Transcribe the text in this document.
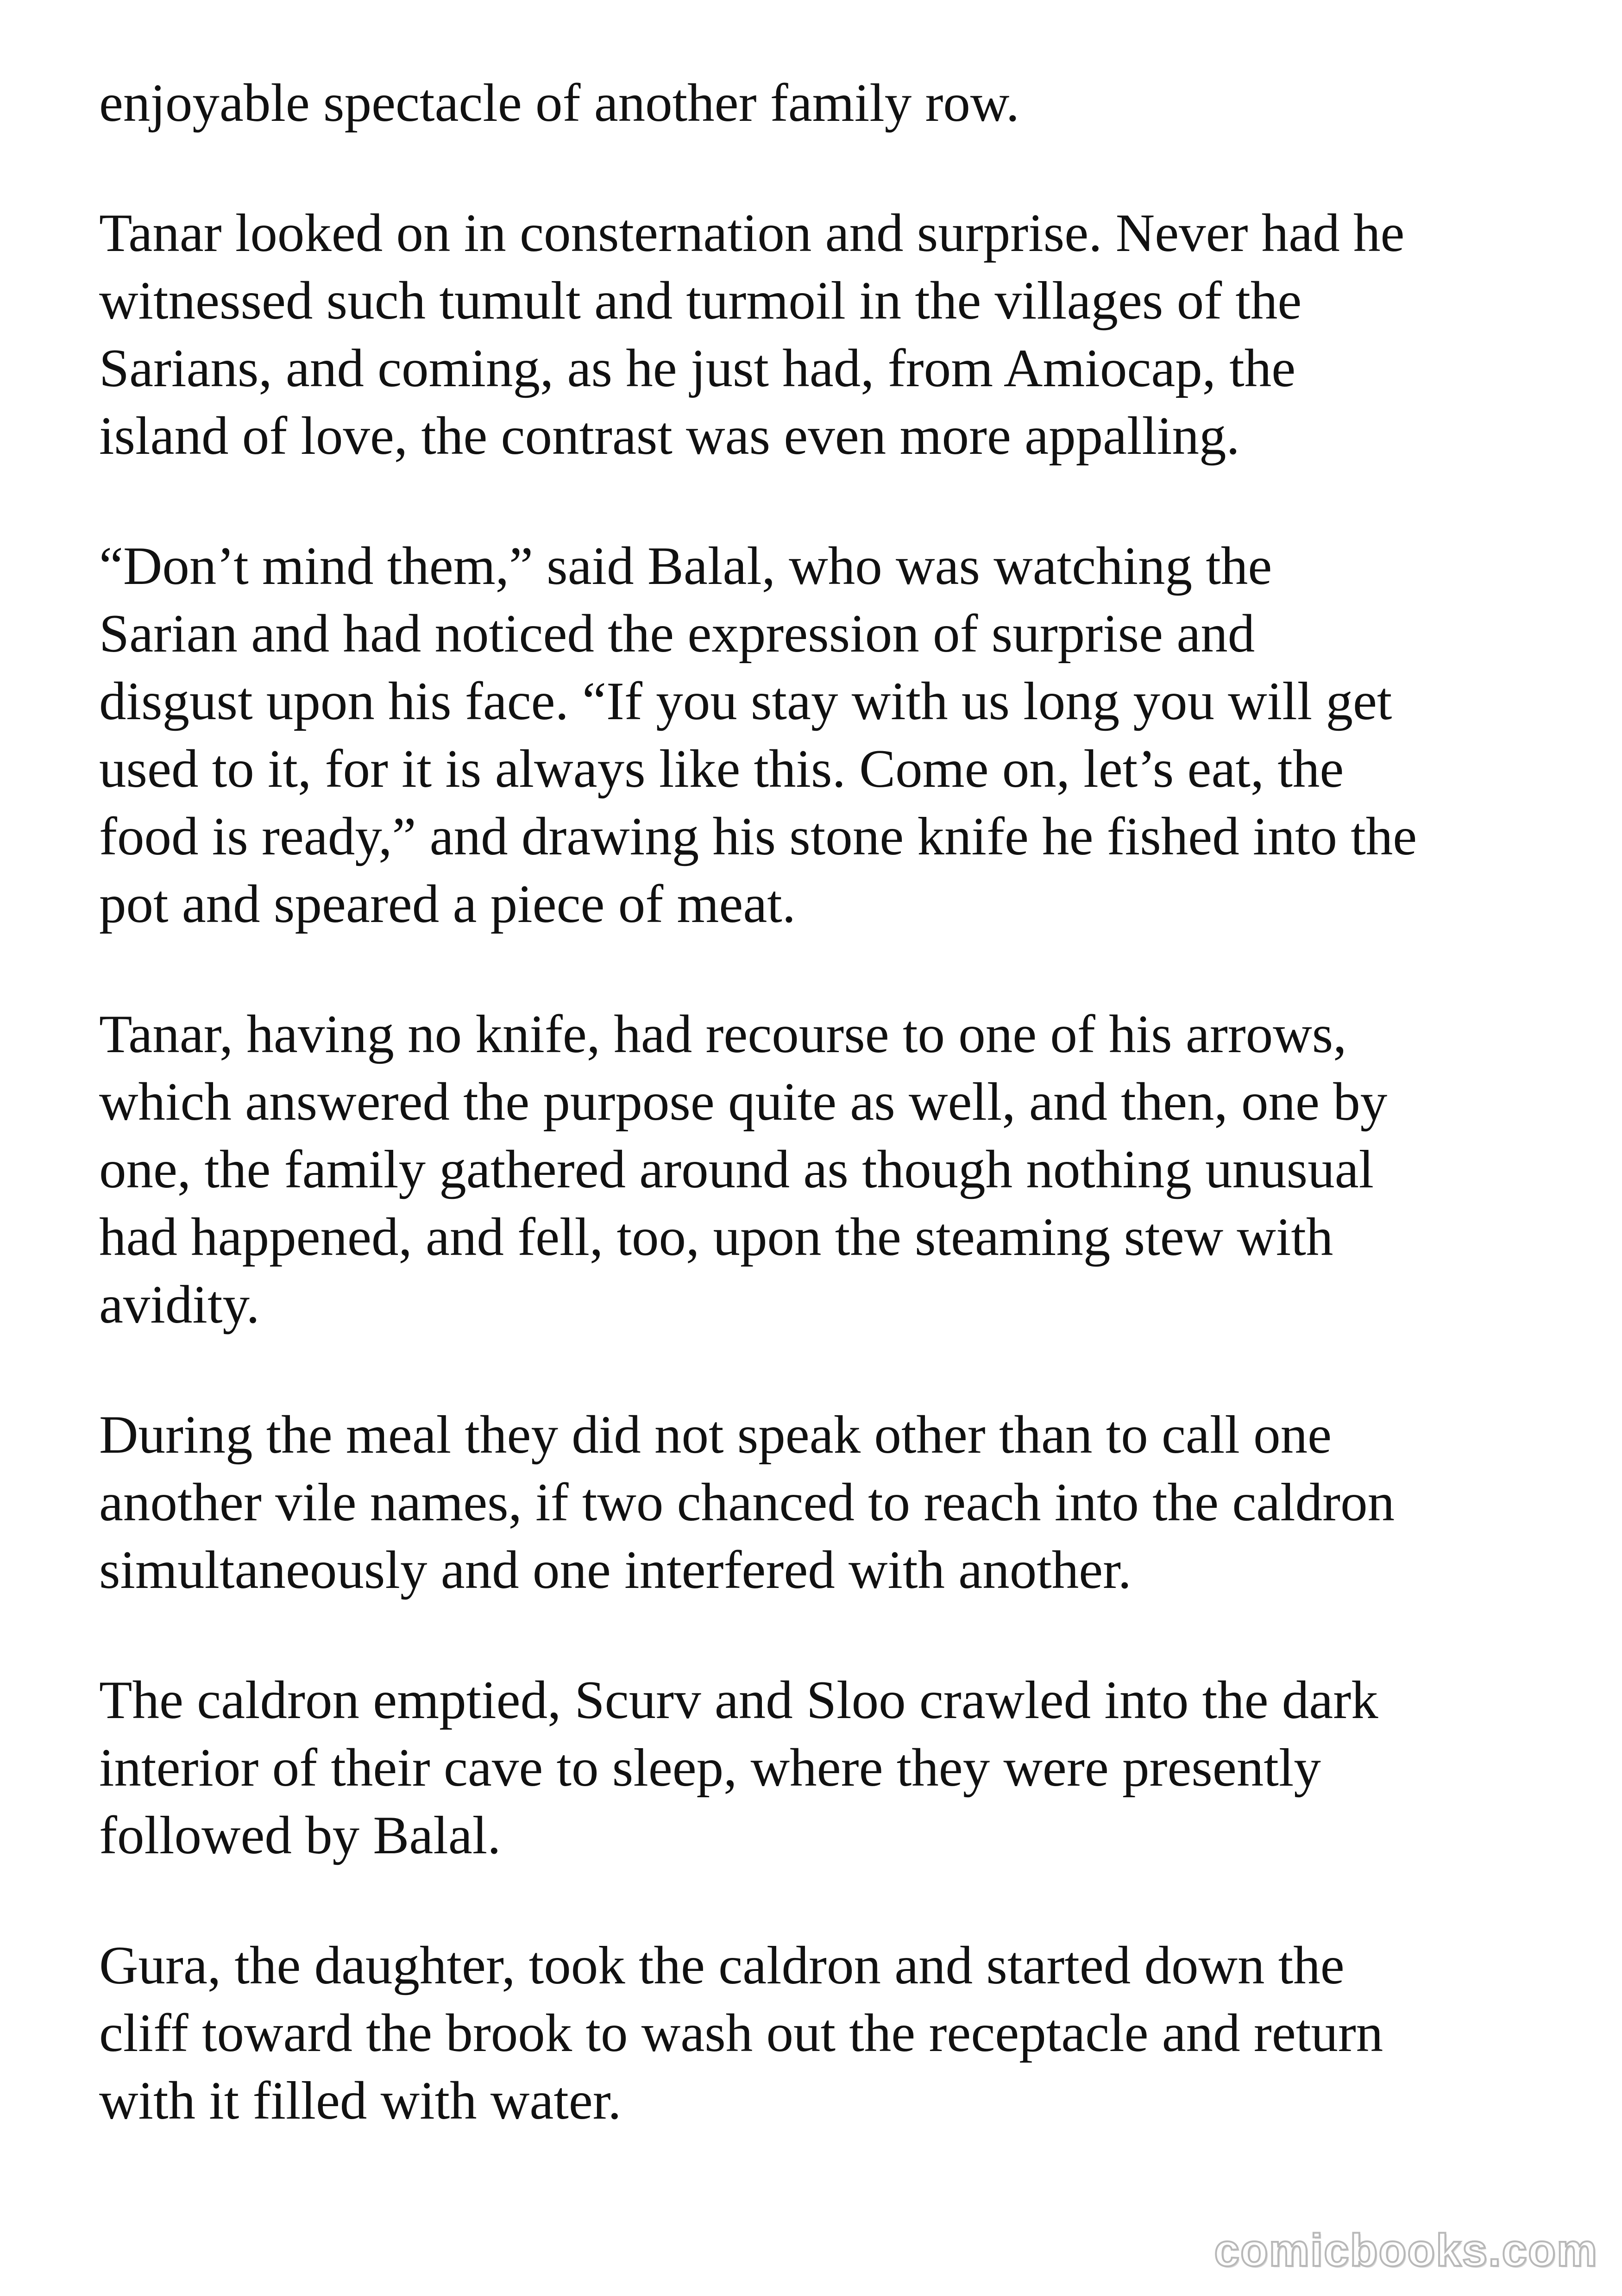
enjoyable spectacle of another family row.

Tanar looked on in consternation and surprise. Never had he
witnessed such tumult and turmoil in the villages of the
Sarians, and coming, as he just had, from Amiocap, the
island of love, the contrast was even more appalling.

“Don’t mind them,” said Balal, who was watching the
Sarian and had noticed the expression of surprise and
disgust upon his face. “If you stay with us long you will get
used to it, for it is always like this. Come on, let’s eat, the
food is ready,” and drawing his stone knife he fished into the
pot and speared a piece of meat.

Tanar, having no knife, had recourse to one of his arrows,
which answered the purpose quite as well, and then, one by
one, the family gathered around as though nothing unusual
had happened, and fell, too, upon the steaming stew with
avidity.

During the meal they did not speak other than to call one
another vile names, if two chanced to reach into the caldron
simultaneously and one interfered with another.

The caldron emptied, Scurv and Sloo crawled into the dark
interior of their cave to sleep, where they were presently
followed by Balal.

Gura, the daughter, took the caldron and started down the
cliff toward the brook to wash out the receptacle and return
with it filled with water.

comicbooks.com
